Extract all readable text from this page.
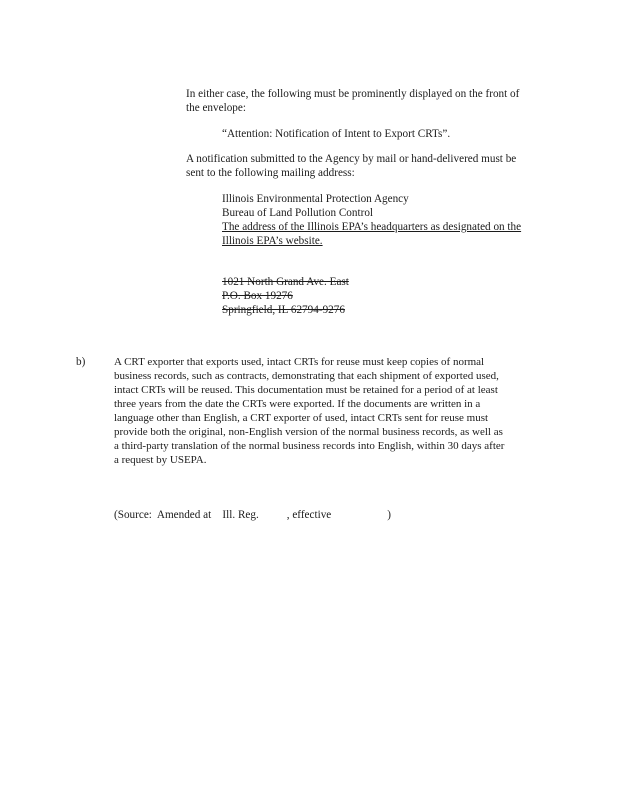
In either case, the following must be prominently displayed on the front of
the envelope:
“Attention: Notification of Intent to Export CRTs”.
A notification submitted to the Agency by mail or hand-delivered must be
sent to the following mailing address:
Illinois Environmental Protection Agency
Bureau of Land Pollution Control
The address of the Illinois EPA’s headquarters as designated on the
Illinois EPA’s website.
1021 North Grand Ave. East
P.O. Box 19276
Springfield, IL 62794-9276
b)	A CRT exporter that exports used, intact CRTs for reuse must keep copies of normal
business records, such as contracts, demonstrating that each shipment of exported used,
intact CRTs will be reused. This documentation must be retained for a period of at least
three years from the date the CRTs were exported. If the documents are written in a
language other than English, a CRT exporter of used, intact CRTs sent for reuse must
provide both the original, non-English version of the normal business records, as well as
a third-party translation of the normal business records into English, within 30 days after
a request by USEPA.

(Source:  Amended at    Ill. Reg.          , effective                    )
